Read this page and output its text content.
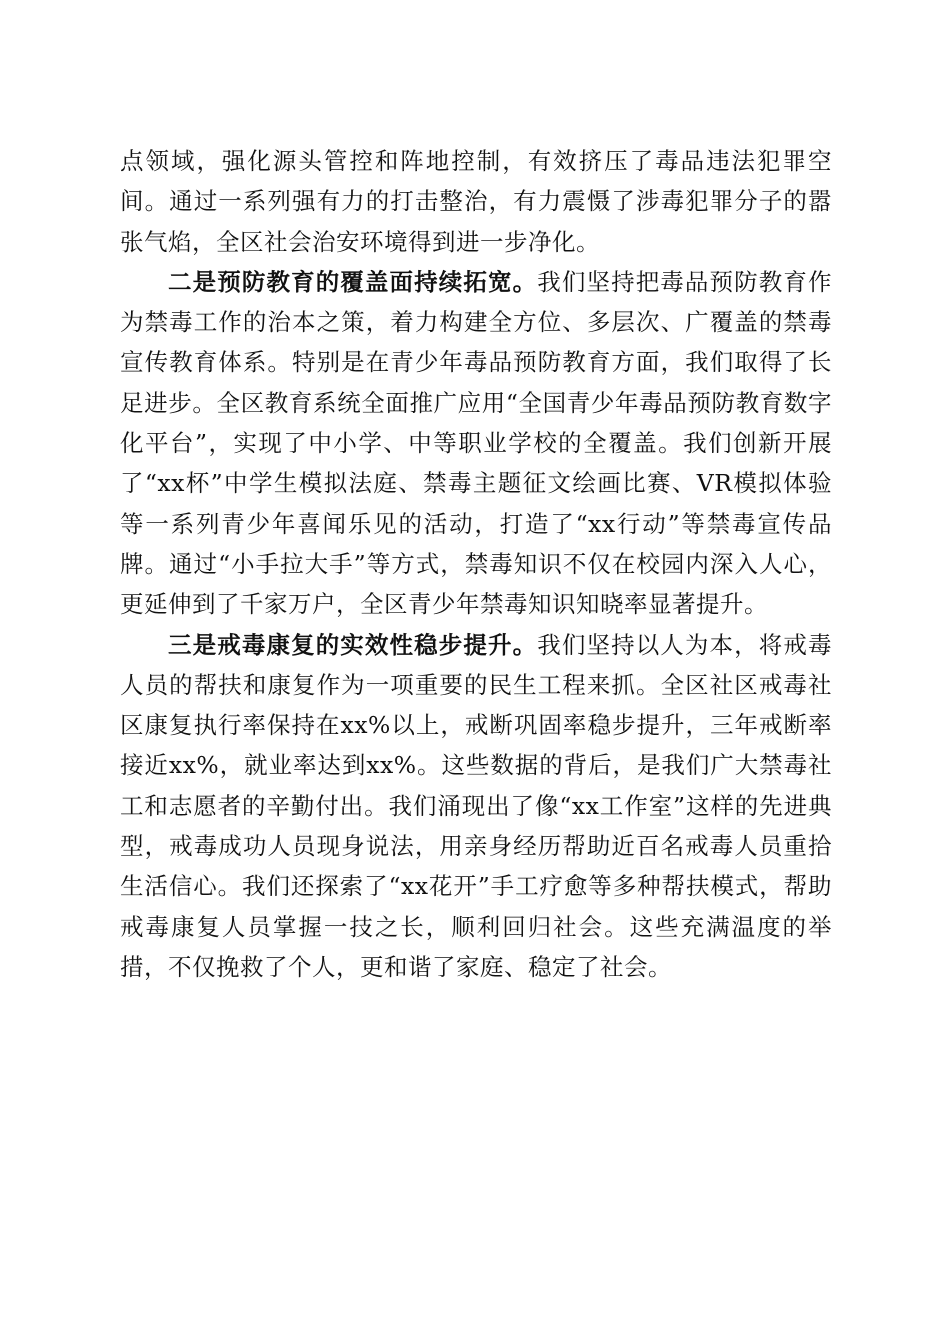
点领域，强化源头管控和阵地控制，有效挤压了毒品违法犯罪空间。通过一系列强有力的打击整治，有力震慑了涉毒犯罪分子的嚣张气焰，全区社会治安环境得到进一步净化。

二是预防教育的覆盖面持续拓宽。我们坚持把毒品预防教育作为禁毒工作的治本之策，着力构建全方位、多层次、广覆盖的禁毒宣传教育体系。特别是在青少年毒品预防教育方面，我们取得了长足进步。全区教育系统全面推广应用“全国青少年毒品预防教育数字化平台”，实现了中小学、中等职业学校的全覆盖。我们创新开展了“xx杯”中学生模拟法庭、禁毒主题征文绘画比赛、VR模拟体验等一系列青少年喜闻乐见的活动，打造了“xx行动”等禁毒宣传品牌。通过“小手拉大手”等方式，禁毒知识不仅在校园内深入人心，更延伸到了千家万户，全区青少年禁毒知识知晓率显著提升。

三是戒毒康复的实效性稳步提升。我们坚持以人为本，将戒毒人员的帮扶和康复作为一项重要的民生工程来抓。全区社区戒毒社区康复执行率保持在xx%以上，戒断巩固率稳步提升，三年戒断率接近xx%，就业率达到xx%。这些数据的背后，是我们广大禁毒社工和志愿者的辛勤付出。我们涌现出了像“xx工作室”这样的先进典型，戒毒成功人员现身说法，用亲身经历帮助近百名戒毒人员重拾生活信心。我们还探索了“xx花开”手工疗愈等多种帮扶模式，帮助戒毒康复人员掌握一技之长，顺利回归社会。这些充满温度的举措，不仅挽救了个人，更和谐了家庭、稳定了社会。
